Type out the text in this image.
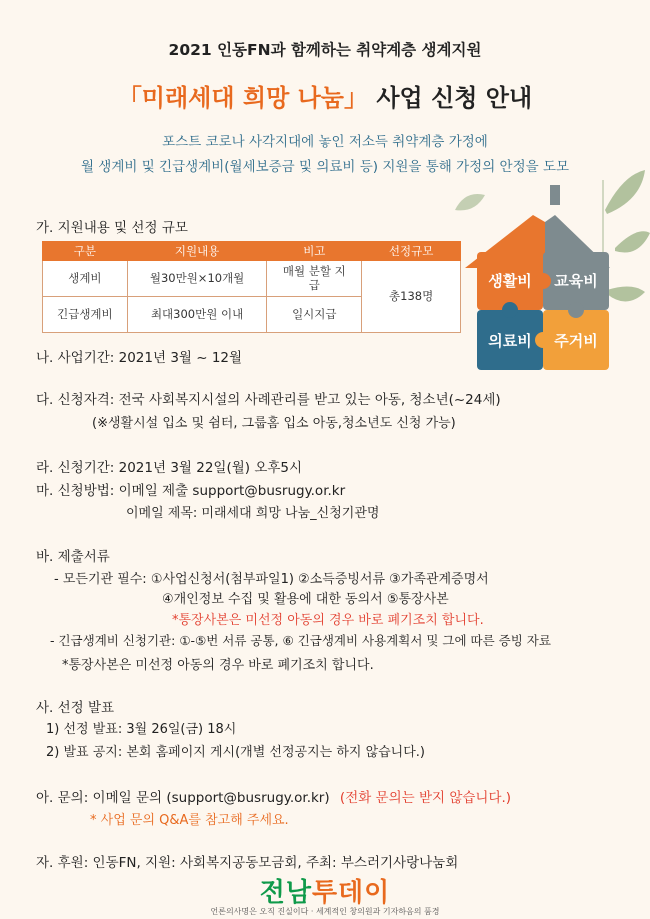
2021 인동FN과 함께하는 취약계층 생계지원
「미래세대 희망 나눔」 사업 신청 안내
포스트 코로나 사각지대에 놓인 저소득 취약계층 가정에
월 생계비 및 긴급생계비(월세보증금 및 의료비 등) 지원을 통해 가정의 안정을 도모
가. 지원내용 및 선정 규모
구분	지원내용	비고	선정규모
생계비	월30만원×10개월	매월 분할 지급	총138명
긴급생계비	최대300만원 이내	일시지급	
생활비 교육비
의료비 주거비
나. 사업기간: 2021년 3월 ~ 12월
다. 신청자격: 전국 사회복지시설의 사례관리를 받고 있는 아동, 청소년(~24세)
(※생활시설 입소 및 쉼터, 그룹홈 입소 아동,청소년도 신청 가능)
라. 신청기간: 2021년 3월 22일(월) 오후5시
마. 신청방법: 이메일 제출 support@busrugy.or.kr
이메일 제목: 미래세대 희망 나눔_신청기관명
바. 제출서류
- 모든기관 필수: ①사업신청서(첨부파일1) ②소득증빙서류 ③가족관계증명서
④개인정보 수집 및 활용에 대한 동의서 ⑤통장사본
*통장사본은 미선정 아동의 경우 바로 폐기조치 합니다.
- 긴급생계비 신청기관: ①-⑤번 서류 공통, ⑥ 긴급생계비 사용계획서 및 그에 따른 증빙 자료
*통장사본은 미선정 아동의 경우 바로 폐기조치 합니다.
사. 선정 발표
1) 선정 발표: 3월 26일(금) 18시
2) 발표 공지: 본회 홈페이지 게시(개별 선정공지는 하지 않습니다.)
아. 문의: 이메일 문의 (support@busrugy.or.kr) (전화 문의는 받지 않습니다.)
* 사업 문의 Q&A를 참고해 주세요.
자. 후원: 인동FN, 지원: 사회복지공동모금회, 주최: 부스러기사랑나눔회
전남투데이
언론의사명은 오직 진실이다 · 세계적인 창의원과 기자하음의 품경
